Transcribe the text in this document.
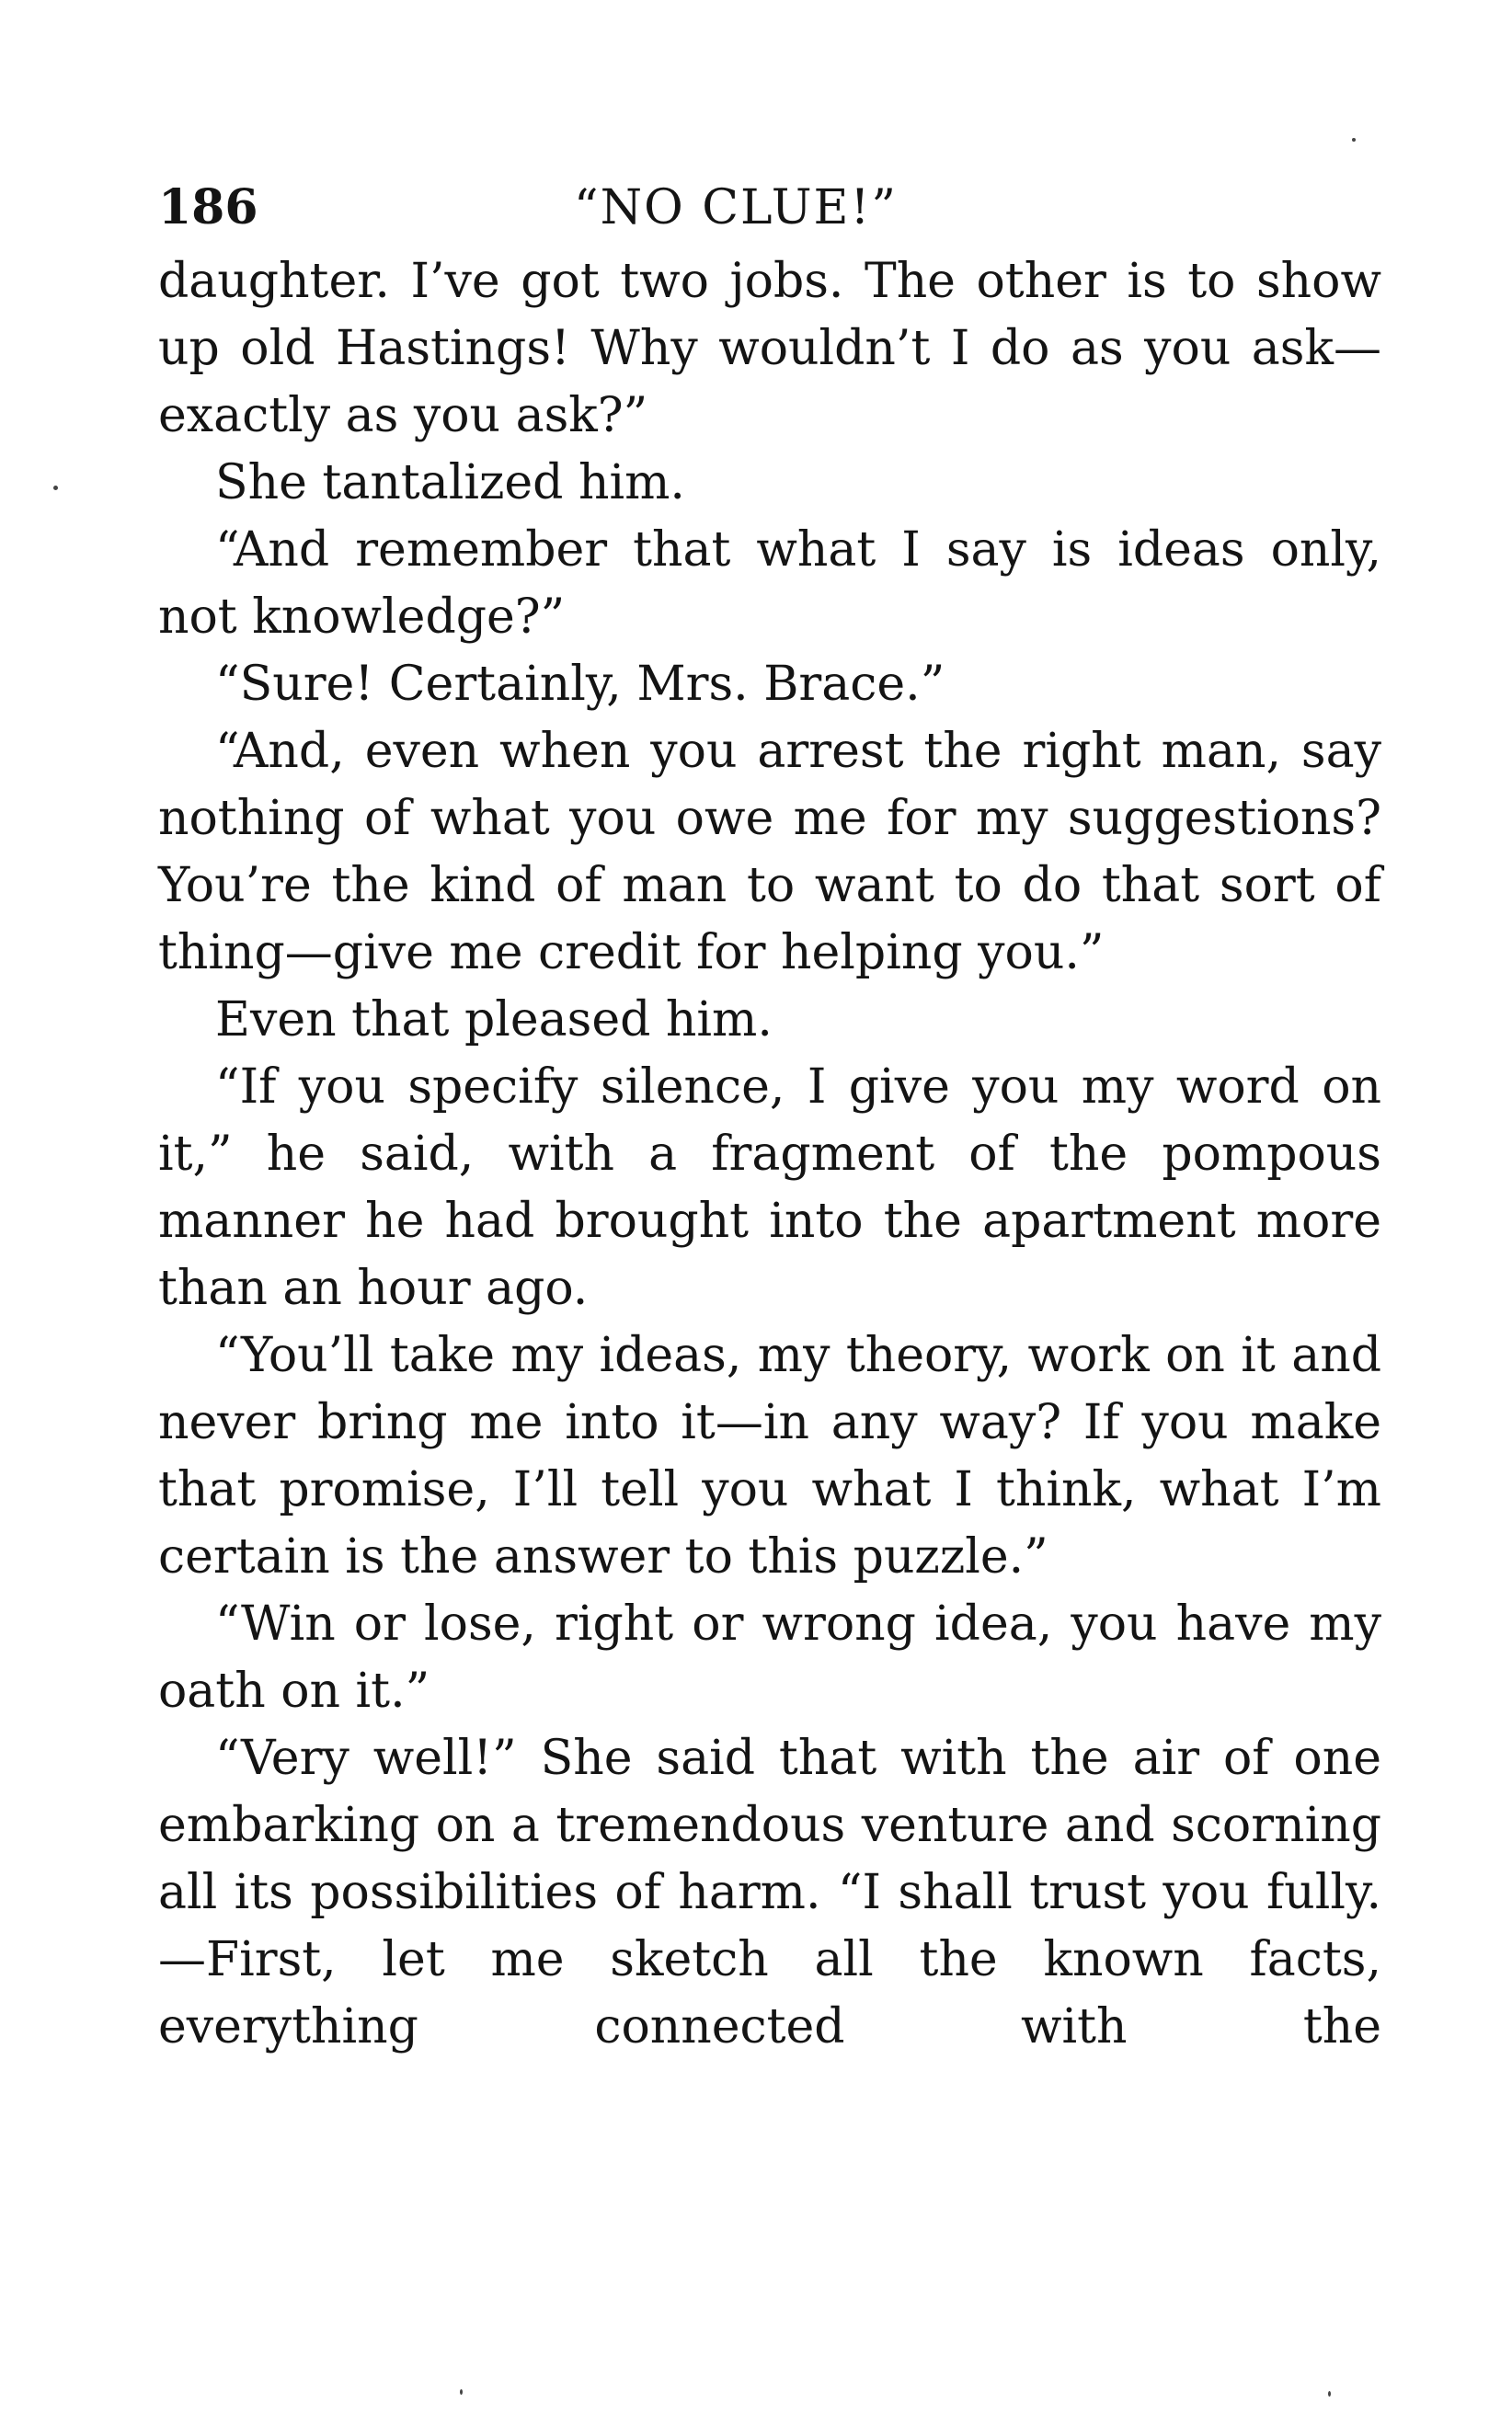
186	“NO CLUE!”

daughter. I’ve got two jobs. The other is to show up old Hastings! Why wouldn’t I do as you ask—exactly as you ask?”

She tantalized him.

“And remember that what I say is ideas only, not knowledge?”

“Sure! Certainly, Mrs. Brace.”

“And, even when you arrest the right man, say nothing of what you owe me for my suggestions? You’re the kind of man to want to do that sort of thing—give me credit for helping you.”

Even that pleased him.

“If you specify silence, I give you my word on it,” he said, with a fragment of the pompous manner he had brought into the apartment more than an hour ago.

“You’ll take my ideas, my theory, work on it and never bring me into it—in any way? If you make that promise, I’ll tell you what I think, what I’m certain is the answer to this puzzle.”

“Win or lose, right or wrong idea, you have my oath on it.”

“Very well!” She said that with the air of one embarking on a tremendous venture and scorning all its possibilities of harm. “I shall trust you fully.—First, let me sketch all the known facts, everything connected with the
